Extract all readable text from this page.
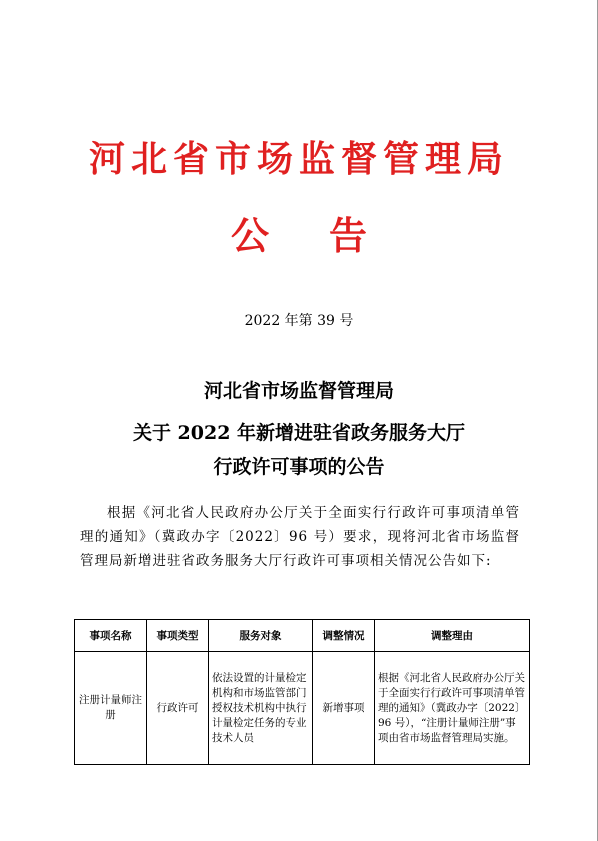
河北省市场监督管理局
公告
2022 年第 39 号
河北省市场监督管理局
关于 2022 年新增进驻省政务服务大厅
行政许可事项的公告

根据《河北省人民政府办公厅关于全面实行行政许可事项清单管理的通知》（冀政办字〔2022〕96 号）要求，现将河北省市场监督管理局新增进驻省政务服务大厅行政许可事项相关情况公告如下:

事项名称	事项类型	服务对象	调整情况	调整理由
注册计量师注册	行政许可	依法设置的计量检定机构和市场监管部门授权技术机构中执行计量检定任务的专业技术人员	新增事项	根据《河北省人民政府办公厅关于全面实行行政许可事项清单管理的通知》（冀政办字〔2022〕96 号），“注册计量师注册”事项由省市场监督管理局实施。
